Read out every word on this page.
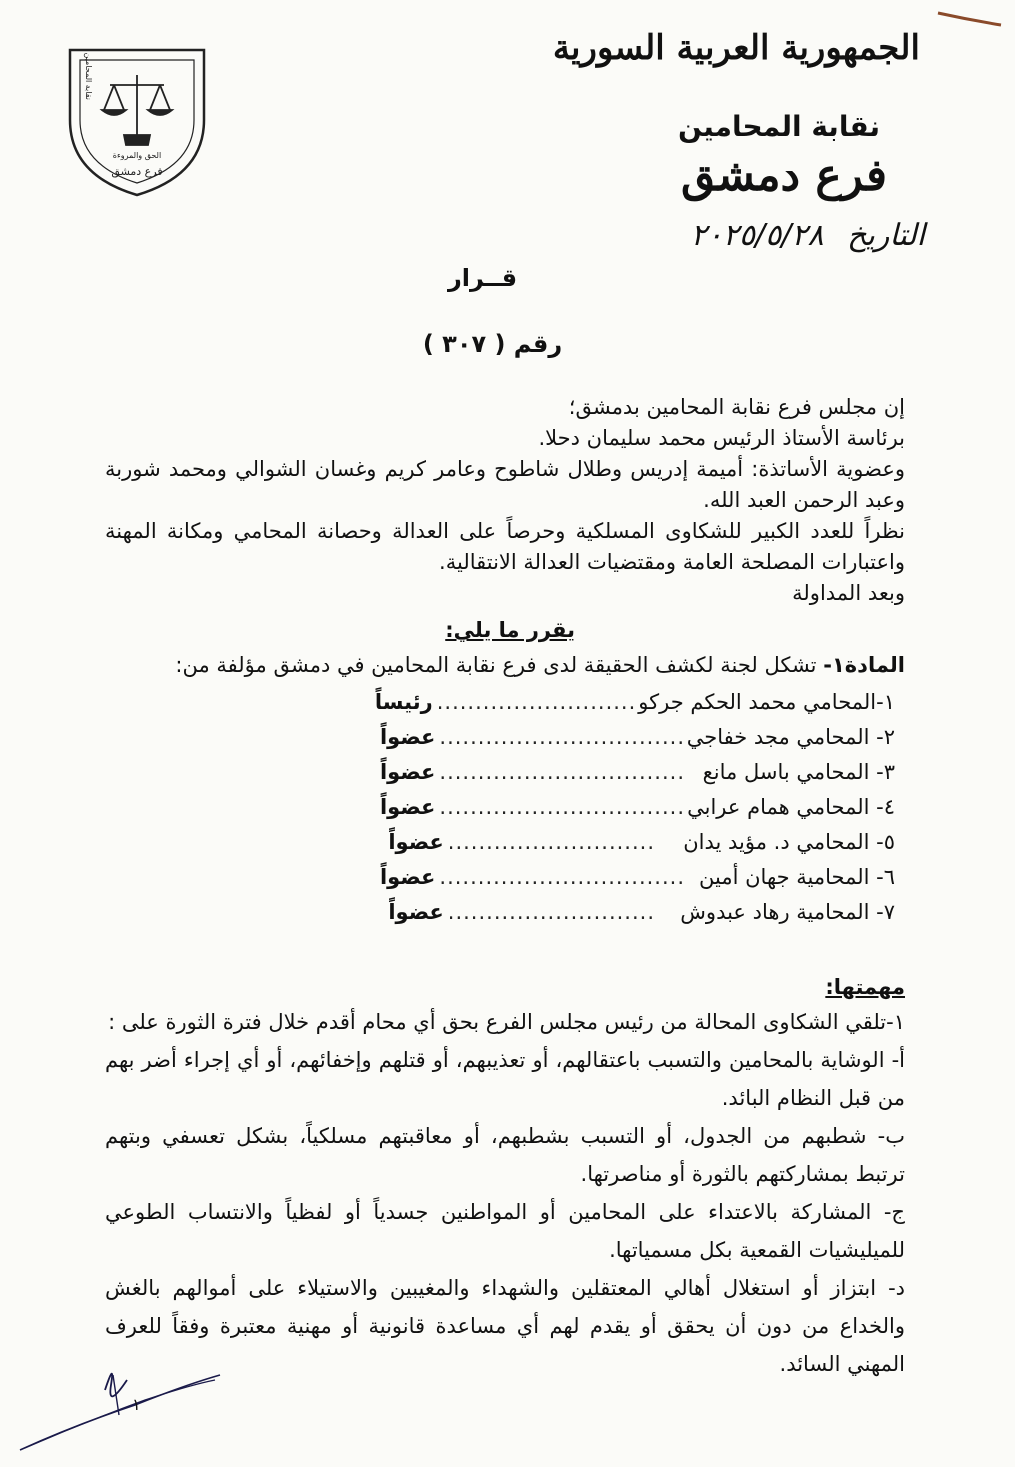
الجمهورية العربية السورية
نقابة المحامين
فرع دمشق
التاريخ ٢٠٢٥/٥/٢٨
فرع دمشق
الحق والمروءة
نقابة المحامين
قــرار
رقم ( ٣٠٧ )

إن مجلس فرع نقابة المحامين بدمشق؛

برئاسة الأستاذ الرئيس محمد سليمان دحلا.

وعضوية الأساتذة: أميمة إدريس وطلال شاطوح وعامر كريم وغسان الشوالي ومحمد شوربة وعبد الرحمن العبد الله.

نظراً للعدد الكبير للشكاوى المسلكية وحرصاً على العدالة وحصانة المحامي ومكانة المهنة واعتبارات المصلحة العامة ومقتضيات العدالة الانتقالية.

وبعد المداولة

يقرر ما يلي:
المادة١- تشكل لجنة لكشف الحقيقة لدى فرع نقابة المحامين في دمشق مؤلفة من:
١-المحامي محمد الحكم جركو..........................رئيساً
٢- المحامي مجد خفاجي................................عضواً
٣- المحامي باسل مانع................................عضواً
٤- المحامي همام عرابي................................عضواً
٥- المحامي د. مؤيد يدان...........................عضواً
٦- المحامية جهان أمين................................عضواً
٧- المحامية رهاد عبدوش...........................عضواً
مهمتها:

١-تلقي الشكاوى المحالة من رئيس مجلس الفرع بحق أي محام أقدم خلال فترة الثورة على :

أ- الوشاية بالمحامين والتسبب باعتقالهم، أو تعذيبهم، أو قتلهم وإخفائهم، أو أي إجراء أضر بهم من قبل النظام البائد.

ب- شطبهم من الجدول، أو التسبب بشطبهم، أو معاقبتهم مسلكياً، بشكل تعسفي وبتهم ترتبط بمشاركتهم بالثورة أو مناصرتها.

ج- المشاركة بالاعتداء على المحامين أو المواطنين جسدياً أو لفظياً والانتساب الطوعي للميليشيات القمعية بكل مسمياتها.

د- ابتزاز أو استغلال أهالي المعتقلين والشهداء والمغيبين والاستيلاء على أموالهم بالغش والخداع من دون أن يحقق أو يقدم لهم أي مساعدة قانونية أو مهنية معتبرة وفقاً للعرف المهني السائد.

١
